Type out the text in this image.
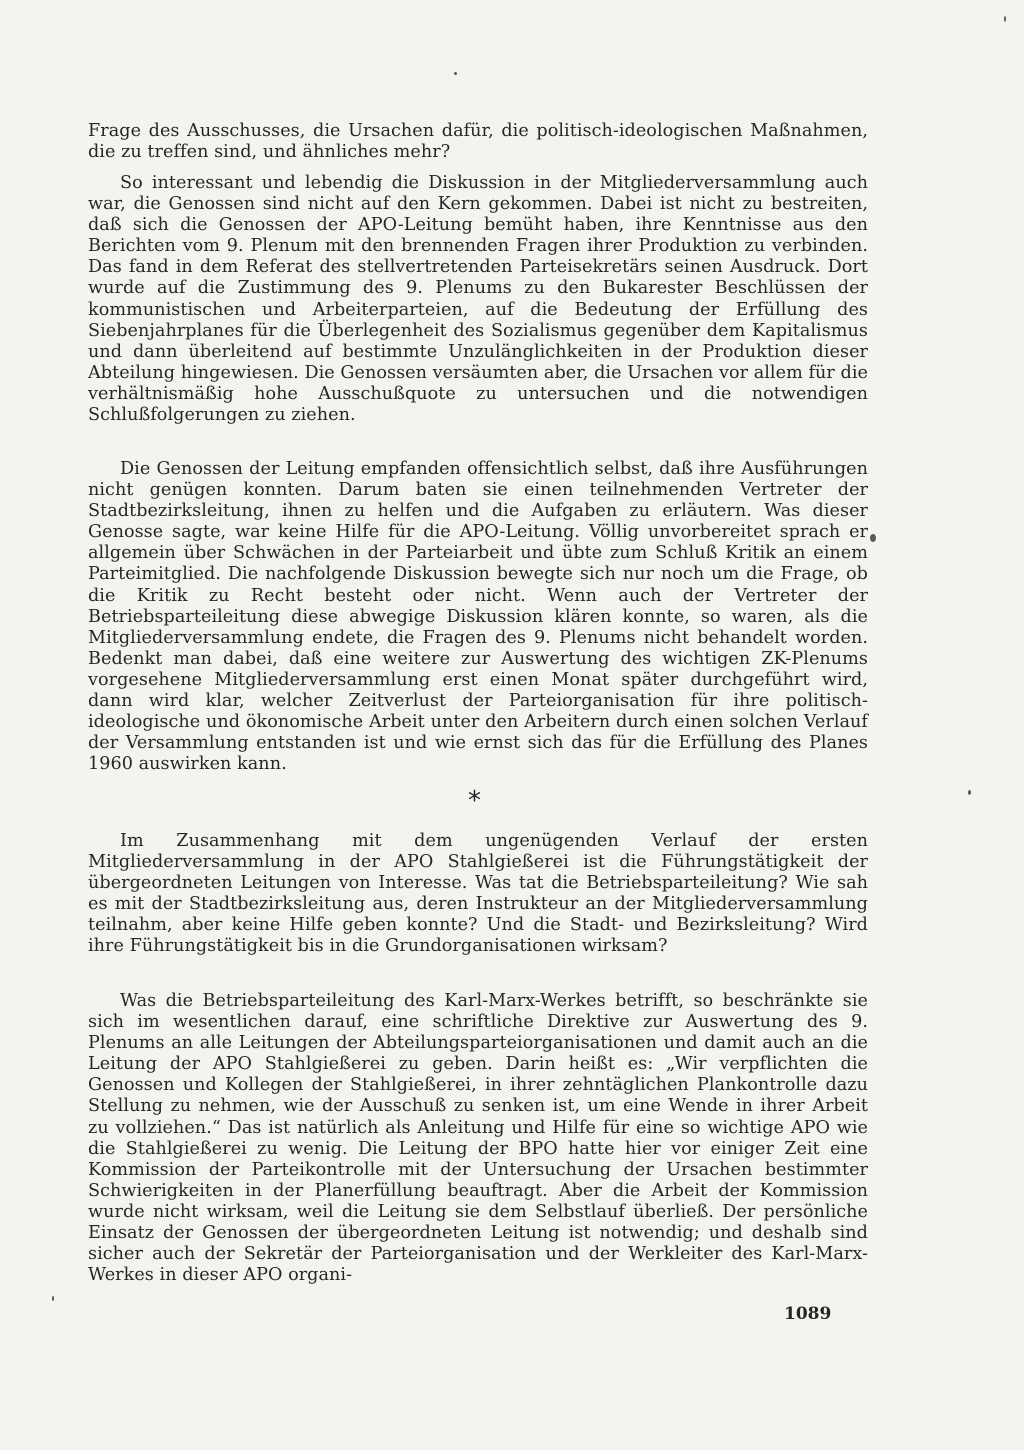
Frage des Ausschusses, die Ursachen dafür, die politisch-ideologischen Maßnahmen, die zu treffen sind, und ähnliches mehr?

So interessant und lebendig die Diskussion in der Mitgliederversammlung auch war, die Genossen sind nicht auf den Kern gekommen. Dabei ist nicht zu bestreiten, daß sich die Genossen der APO-Leitung bemüht haben, ihre Kenntnisse aus den Berichten vom 9. Plenum mit den brennenden Fragen ihrer Produktion zu verbinden. Das fand in dem Referat des stellvertretenden Parteisekretärs seinen Ausdruck. Dort wurde auf die Zustimmung des 9. Plenums zu den Bukarester Beschlüssen der kommunistischen und Arbeiterparteien, auf die Bedeutung der Erfüllung des Siebenjahrplanes für die Überlegenheit des Sozialismus gegenüber dem Kapitalismus und dann überleitend auf bestimmte Unzulänglichkeiten in der Produktion dieser Abteilung hingewiesen. Die Genossen versäumten aber, die Ursachen vor allem für die verhältnismäßig hohe Ausschußquote zu untersuchen und die notwendigen Schlußfolgerungen zu ziehen.

Die Genossen der Leitung empfanden offensichtlich selbst, daß ihre Ausführungen nicht genügen konnten. Darum baten sie einen teilnehmenden Vertreter der Stadtbezirksleitung, ihnen zu helfen und die Aufgaben zu erläutern. Was dieser Genosse sagte, war keine Hilfe für die APO-Leitung. Völlig unvorbereitet sprach er allgemein über Schwächen in der Parteiarbeit und übte zum Schluß Kritik an einem Parteimitglied. Die nachfolgende Diskussion bewegte sich nur noch um die Frage, ob die Kritik zu Recht besteht oder nicht. Wenn auch der Vertreter der Betriebsparteileitung diese abwegige Diskussion klären konnte, so waren, als die Mitgliederversammlung endete, die Fragen des 9. Plenums nicht behandelt worden. Bedenkt man dabei, daß eine weitere zur Auswertung des wichtigen ZK-Plenums vorgesehene Mitgliederversammlung erst einen Monat später durchgeführt wird, dann wird klar, welcher Zeitverlust der Parteiorganisation für ihre politisch-ideologische und ökonomische Arbeit unter den Arbeitern durch einen solchen Verlauf der Versammlung entstanden ist und wie ernst sich das für die Erfüllung des Planes 1960 auswirken kann.

*

Im Zusammenhang mit dem ungenügenden Verlauf der ersten Mitgliederversammlung in der APO Stahlgießerei ist die Führungstätigkeit der übergeordneten Leitungen von Interesse. Was tat die Betriebsparteileitung? Wie sah es mit der Stadtbezirksleitung aus, deren Instrukteur an der Mitgliederversammlung teilnahm, aber keine Hilfe geben konnte? Und die Stadt- und Bezirksleitung? Wird ihre Führungstätigkeit bis in die Grundorganisationen wirksam?

Was die Betriebsparteileitung des Karl-Marx-Werkes betrifft, so beschränkte sie sich im wesentlichen darauf, eine schriftliche Direktive zur Auswertung des 9. Plenums an alle Leitungen der Abteilungsparteiorganisationen und damit auch an die Leitung der APO Stahlgießerei zu geben. Darin heißt es: „Wir verpflichten die Genossen und Kollegen der Stahlgießerei, in ihrer zehntäglichen Plankontrolle dazu Stellung zu nehmen, wie der Ausschuß zu senken ist, um eine Wende in ihrer Arbeit zu vollziehen.“ Das ist natürlich als Anleitung und Hilfe für eine so wichtige APO wie die Stahlgießerei zu wenig. Die Leitung der BPO hatte hier vor einiger Zeit eine Kommission der Parteikontrolle mit der Untersuchung der Ursachen bestimmter Schwierigkeiten in der Planerfüllung beauftragt. Aber die Arbeit der Kommission wurde nicht wirksam, weil die Leitung sie dem Selbstlauf überließ. Der persönliche Einsatz der Genossen der übergeordneten Leitung ist notwendig; und deshalb sind sicher auch der Sekretär der Parteiorganisation und der Werkleiter des Karl-Marx-Werkes in dieser APO organi-

1089
